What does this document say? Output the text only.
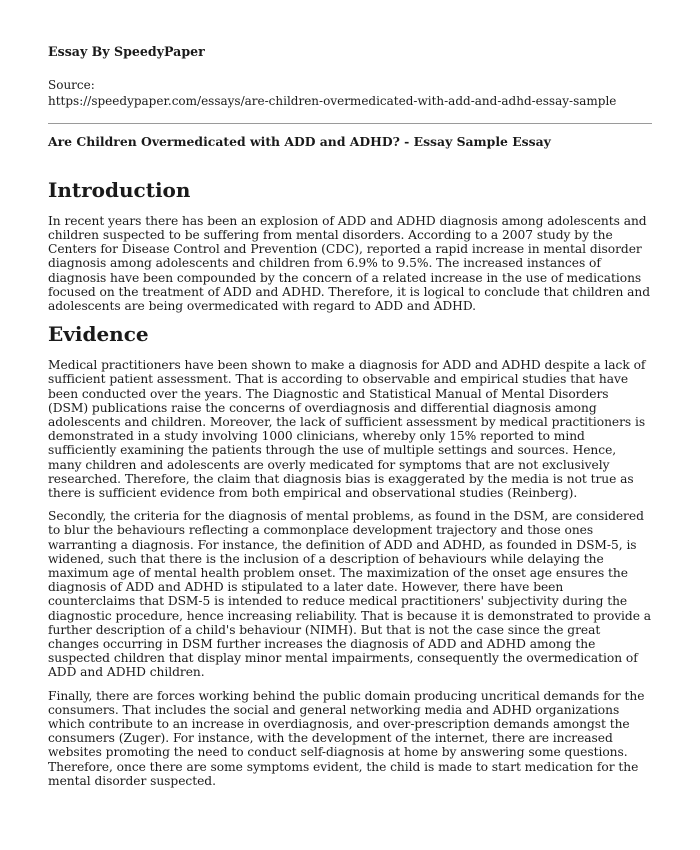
Essay By SpeedyPaper
Source:
https://speedypaper.com/essays/are-children-overmedicated-with-add-and-adhd-essay-sample
Are Children Overmedicated with ADD and ADHD? - Essay Sample Essay
Introduction

In recent years there has been an explosion of ADD and ADHD diagnosis among adolescents and children suspected to be suffering from mental disorders. According to a 2007 study by the Centers for Disease Control and Prevention (CDC), reported a rapid increase in mental disorder diagnosis among adolescents and children from 6.9% to 9.5%. The increased instances of diagnosis have been compounded by the concern of a related increase in the use of medications focused on the treatment of ADD and ADHD. Therefore, it is logical to conclude that children and adolescents are being overmedicated with regard to ADD and ADHD.

Evidence

Medical practitioners have been shown to make a diagnosis for ADD and ADHD despite a lack of sufficient patient assessment. That is according to observable and empirical studies that have been conducted over the years. The Diagnostic and Statistical Manual of Mental Disorders (DSM) publications raise the concerns of overdiagnosis and differential diagnosis among adolescents and children. Moreover, the lack of sufficient assessment by medical practitioners is demonstrated in a study involving 1000 clinicians, whereby only 15% reported to mind sufficiently examining the patients through the use of multiple settings and sources. Hence, many children and adolescents are overly medicated for symptoms that are not exclusively researched. Therefore, the claim that diagnosis bias is exaggerated by the media is not true as there is sufficient evidence from both empirical and observational studies (Reinberg).

Secondly, the criteria for the diagnosis of mental problems, as found in the DSM, are considered to blur the behaviours reflecting a commonplace development trajectory and those ones warranting a diagnosis. For instance, the definition of ADD and ADHD, as founded in DSM-5, is widened, such that there is the inclusion of a description of behaviours while delaying the maximum age of mental health problem onset. The maximization of the onset age ensures the diagnosis of ADD and ADHD is stipulated to a later date. However, there have been counterclaims that DSM-5 is intended to reduce medical practitioners' subjectivity during the diagnostic procedure, hence increasing reliability. That is because it is demonstrated to provide a further description of a child's behaviour (NIMH). But that is not the case since the great changes occurring in DSM further increases the diagnosis of ADD and ADHD among the suspected children that display minor mental impairments, consequently the overmedication of ADD and ADHD children.

Finally, there are forces working behind the public domain producing uncritical demands for the consumers. That includes the social and general networking media and ADHD organizations which contribute to an increase in overdiagnosis, and over-prescription demands amongst the consumers (Zuger). For instance, with the development of the internet, there are increased websites promoting the need to conduct self-diagnosis at home by answering some questions. Therefore, once there are some symptoms evident, the child is made to start medication for the mental disorder suspected.
